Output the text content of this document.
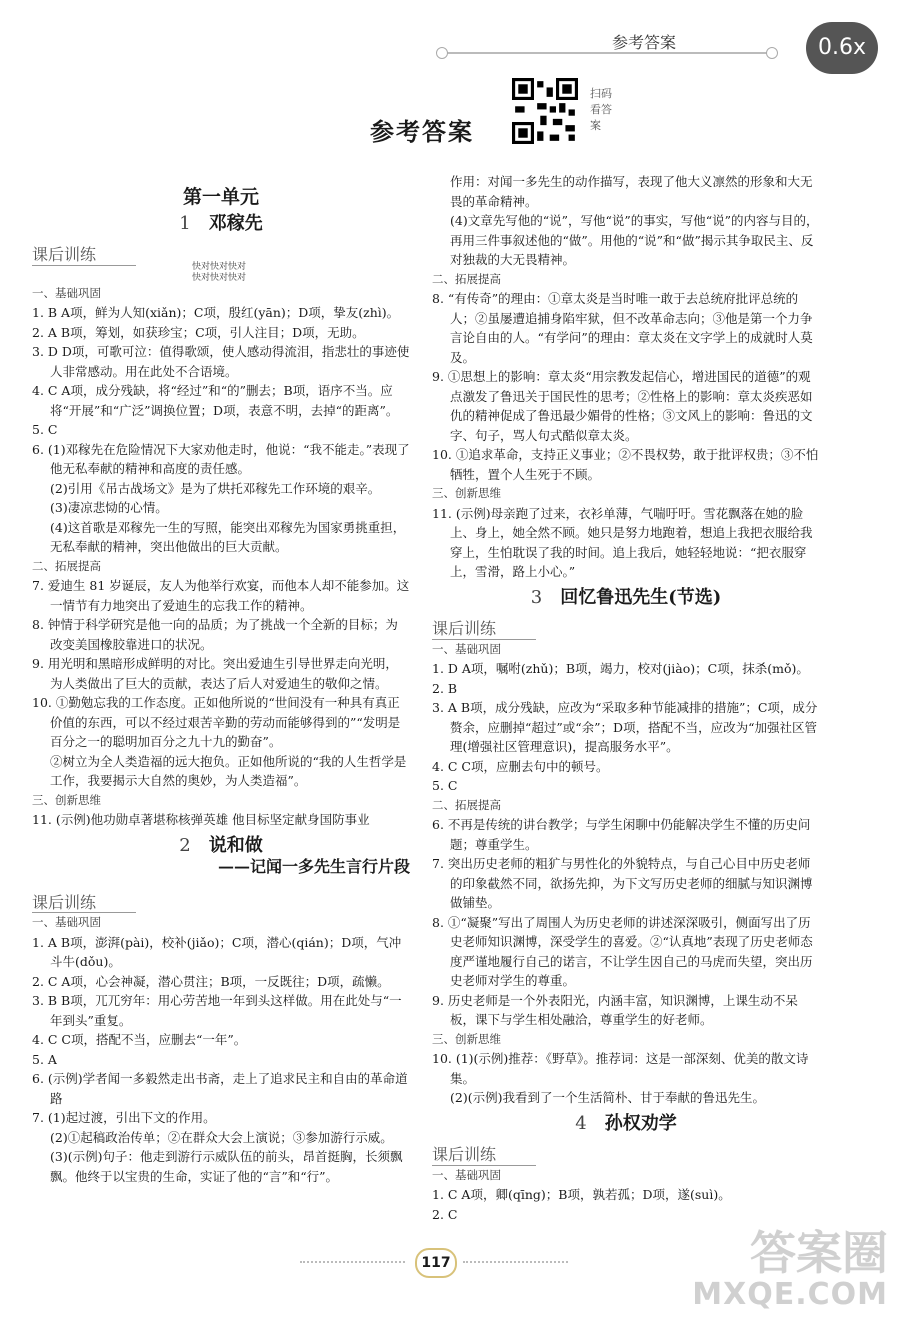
参考答案	0.6x
扫码
看答案
参考答案

第一单元

1 邓稼先

课后训练

快对快对快对

快对快对快对

一、基础巩固

1. B A项，鲜为人知(xiǎn)；C项，殷红(yān)；D项，挚友(zhì)。

2. A B项，筹划，如获珍宝；C项，引人注目；D项，无助。

3. D D项，可歌可泣：值得歌颂，使人感动得流泪，指悲壮的事迹使人非常感动。用在此处不合语境。

4. C A项，成分残缺，将“经过”和“的”删去；B项，语序不当。应将“开展”和“广泛”调换位置；D项，表意不明，去掉“的距离”。

5. C

6. (1)邓稼先在危险情况下大家劝他走时，他说：“我不能走。”表现了他无私奉献的精神和高度的责任感。

(2)引用《吊古战场文》是为了烘托邓稼先工作环境的艰辛。

(3)凄凉悲恸的心情。

(4)这首歌是邓稼先一生的写照，能突出邓稼先为国家勇挑重担，无私奉献的精神，突出他做出的巨大贡献。

二、拓展提高

7. 爱迪生 81 岁诞辰，友人为他举行欢宴，而他本人却不能参加。这一情节有力地突出了爱迪生的忘我工作的精神。

8. 钟情于科学研究是他一向的品质；为了挑战一个全新的目标；为改变美国橡胶靠进口的状况。

9. 用光明和黑暗形成鲜明的对比。突出爱迪生引导世界走向光明，为人类做出了巨大的贡献，表达了后人对爱迪生的敬仰之情。

10. ①勤勉忘我的工作态度。正如他所说的“世间没有一种具有真正价值的东西，可以不经过艰苦辛勤的劳动而能够得到的”“发明是百分之一的聪明加百分之九十九的勤奋”。

②树立为全人类造福的远大抱负。正如他所说的“我的人生哲学是工作，我要揭示大自然的奥妙，为人类造福”。

三、创新思维

11. (示例)他功勋卓著堪称核弹英雄 他目标坚定献身国防事业

2 说和做

——记闻一多先生言行片段

课后训练

一、基础巩固

1. A B项，澎湃(pài)，校补(jiǎo)；C项，潜心(qián)；D项，气冲斗牛(dǒu)。

2. C A项，心会神凝，潜心贯注；B项，一反既往；D项，疏懒。

3. B B项，兀兀穷年：用心劳苦地一年到头这样做。用在此处与“一年到头”重复。

4. C C项，搭配不当，应删去“一年”。

5. A

6. (示例)学者闻一多毅然走出书斋，走上了追求民主和自由的革命道路

7. (1)起过渡，引出下文的作用。

(2)①起稿政治传单；②在群众大会上演说；③参加游行示威。

(3)(示例)句子：他走到游行示威队伍的前头，昂首挺胸，长须飘飘。他终于以宝贵的生命，实证了他的“言”和“行”。

作用：对闻一多先生的动作描写，表现了他大义凛然的形象和大无畏的革命精神。

(4)文章先写他的“说”，写他“说”的事实，写他“说”的内容与目的，再用三件事叙述他的“做”。用他的“说”和“做”揭示其争取民主、反对独裁的大无畏精神。

二、拓展提高

8. “有传奇”的理由：①章太炎是当时唯一敢于去总统府批评总统的人；②虽屡遭追捕身陷牢狱，但不改革命志向；③他是第一个力争言论自由的人。“有学问”的理由：章太炎在文字学上的成就时人莫及。

9. ①思想上的影响：章太炎“用宗教发起信心，增进国民的道德”的观点激发了鲁迅关于国民性的思考；②性格上的影响：章太炎疾恶如仇的精神促成了鲁迅最少媚骨的性格；③文风上的影响：鲁迅的文字、句子，骂人句式酷似章太炎。

10. ①追求革命，支持正义事业；②不畏权势，敢于批评权贵；③不怕牺牲，置个人生死于不顾。

三、创新思维

11. (示例)母亲跑了过来，衣衫单薄，气喘吁吁。雪花飘落在她的脸上、身上，她全然不顾。她只是努力地跑着，想追上我把衣服给我穿上，生怕耽误了我的时间。追上我后，她轻轻地说：“把衣服穿上，雪滑，路上小心。”

3 回忆鲁迅先生(节选)

课后训练

一、基础巩固

1. D A项，嘱咐(zhǔ)；B项，竭力，校对(jiào)；C项，抹杀(mǒ)。

2. B

3. A B项，成分残缺，应改为“采取多种节能减排的措施”；C项，成分赘余，应删掉“超过”或“余”；D项，搭配不当，应改为“加强社区管理(增强社区管理意识)，提高服务水平”。

4. C C项，应删去句中的顿号。

5. C

二、拓展提高

6. 不再是传统的讲台教学；与学生闲聊中仍能解决学生不懂的历史问题；尊重学生。

7. 突出历史老师的粗犷与男性化的外貌特点，与自己心目中历史老师的印象截然不同，欲扬先抑，为下文写历史老师的细腻与知识渊博做铺垫。

8. ①“凝聚”写出了周围人为历史老师的讲述深深吸引，侧面写出了历史老师知识渊博，深受学生的喜爱。②“认真地”表现了历史老师态度严谨地履行自己的诺言，不让学生因自己的马虎而失望，突出历史老师对学生的尊重。

9. 历史老师是一个外表阳光，内涵丰富，知识渊博，上课生动不呆板，课下与学生相处融洽，尊重学生的好老师。

三、创新思维

10. (1)(示例)推荐：《野草》。推荐词：这是一部深刻、优美的散文诗集。

(2)(示例)我看到了一个生活简朴、甘于奉献的鲁迅先生。

4 孙权劝学

课后训练

一、基础巩固

1. C A项，卿(qīng)；B项，孰若孤；D项，遂(suì)。

2. C

117	答案圈
MXQE.COM
